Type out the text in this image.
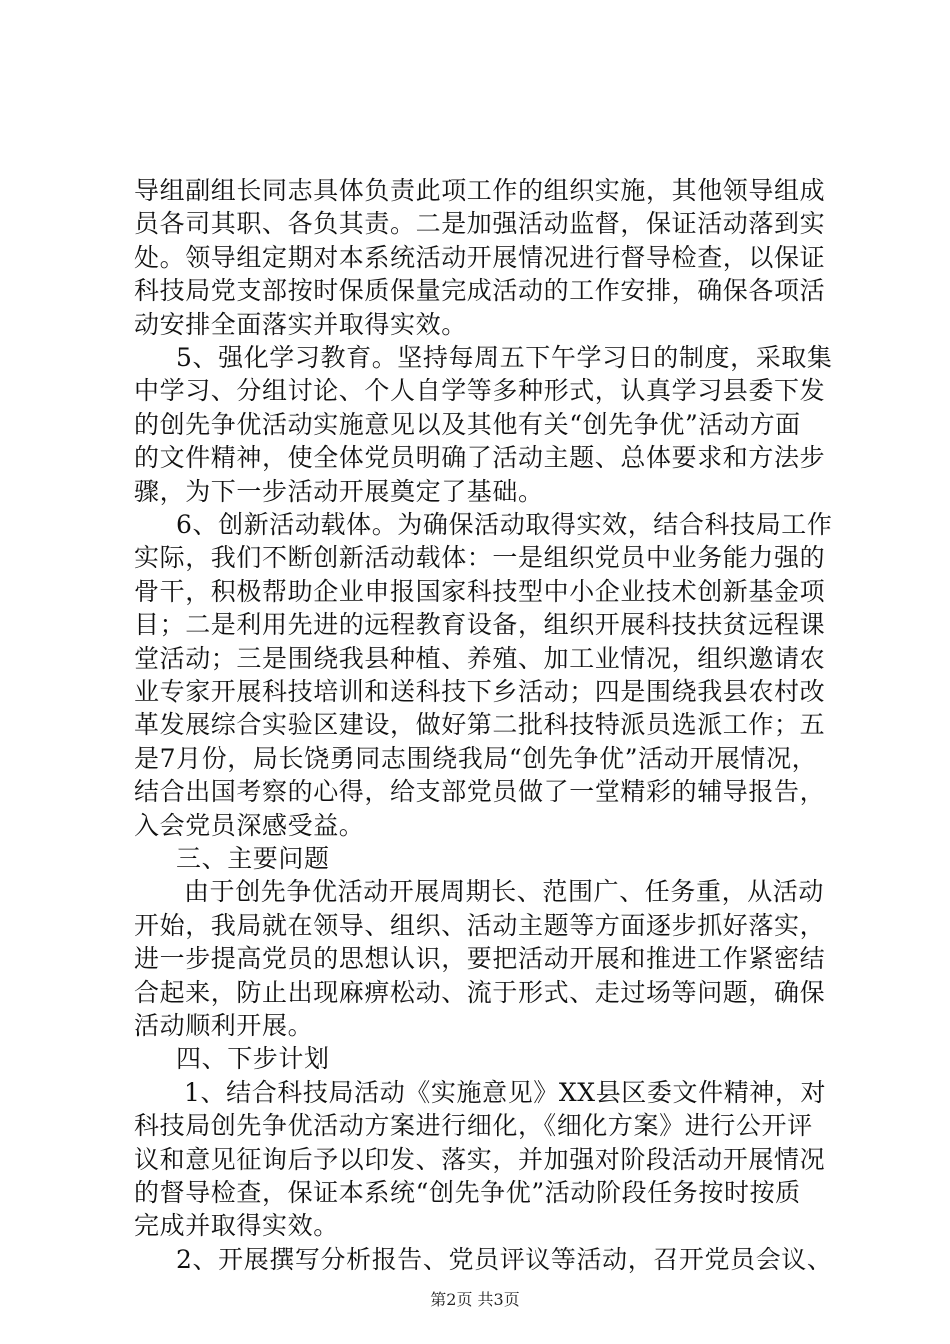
导组副组长同志具体负责此项工作的组织实施，其他领导组成
员各司其职、各负其责。二是加强活动监督，保证活动落到实
处。领导组定期对本系统活动开展情况进行督导检查，以保证
科技局党支部按时保质保量完成活动的工作安排，确保各项活
动安排全面落实并取得实效。
5、强化学习教育。坚持每周五下午学习日的制度，采取集
中学习、分组讨论、个人自学等多种形式，认真学习县委下发
的创先争优活动实施意见以及其他有关“创先争优”活动方面
的文件精神，使全体党员明确了活动主题、总体要求和方法步
骤，为下一步活动开展奠定了基础。
6、创新活动载体。为确保活动取得实效，结合科技局工作
实际，我们不断创新活动载体：一是组织党员中业务能力强的
骨干，积极帮助企业申报国家科技型中小企业技术创新基金项
目；二是利用先进的远程教育设备，组织开展科技扶贫远程课
堂活动；三是围绕我县种植、养殖、加工业情况，组织邀请农
业专家开展科技培训和送科技下乡活动；四是围绕我县农村改
革发展综合实验区建设，做好第二批科技特派员选派工作；五
是7月份，局长饶勇同志围绕我局“创先争优”活动开展情况，
结合出国考察的心得，给支部党员做了一堂精彩的辅导报告，
入会党员深感受益。
三、主要问题
由于创先争优活动开展周期长、范围广、任务重，从活动
开始，我局就在领导、组织、活动主题等方面逐步抓好落实，
进一步提高党员的思想认识，要把活动开展和推进工作紧密结
合起来，防止出现麻痹松动、流于形式、走过场等问题，确保
活动顺利开展。
四、下步计划
1、结合科技局活动《实施意见》XX县区委文件精神，对
科技局创先争优活动方案进行细化，《细化方案》进行公开评
议和意见征询后予以印发、落实，并加强对阶段活动开展情况
的督导检查，保证本系统“创先争优”活动阶段任务按时按质
完成并取得实效。
2、开展撰写分析报告、党员评议等活动，召开党员会议、
第2页 共3页
